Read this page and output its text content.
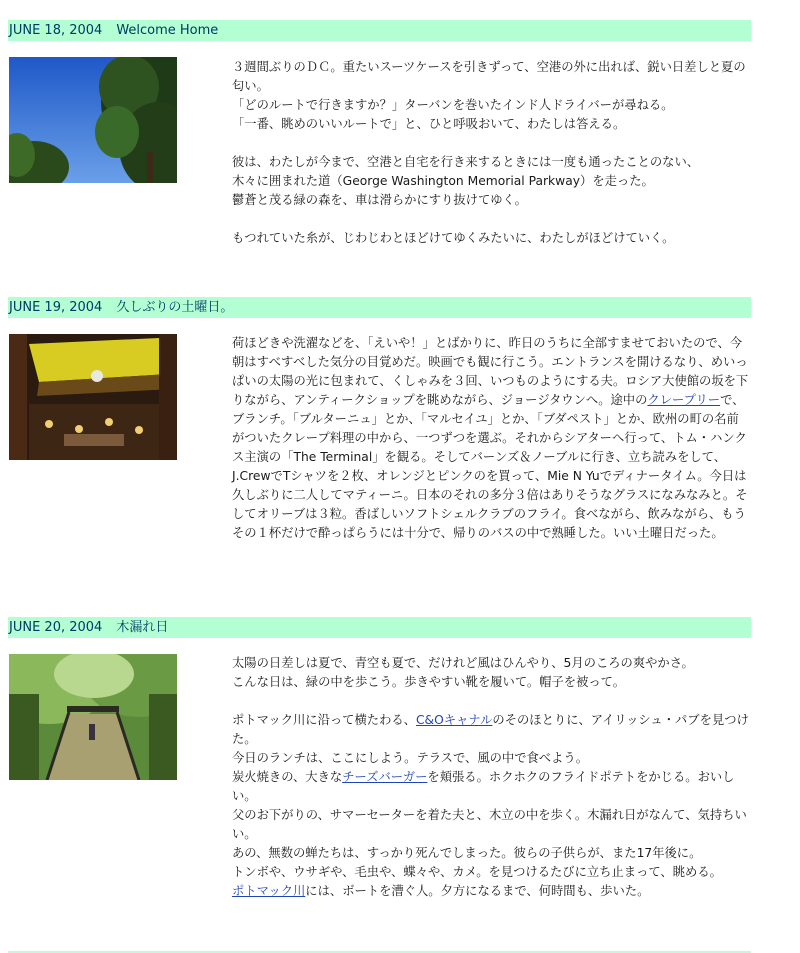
JUNE 18, 2004 Welcome Home

３週間ぶりのＤＣ。重たいスーツケースを引きずって、空港の外に出れば、鋭い日差しと夏の匂い。
「どのルートで行きますか？」ターバンを巻いたインド人ドライバーが尋ねる。
「一番、眺めのいいルートで」と、ひと呼吸おいて、わたしは答える。

彼は、わたしが今まで、空港と自宅を行き来するときには一度も通ったことのない、
木々に囲まれた道（George Washington Memorial Parkway）を走った。
鬱蒼と茂る緑の森を、車は滑らかにすり抜けてゆく。

もつれていた糸が、じわじわとほどけてゆくみたいに、わたしがほどけていく。

JUNE 19, 2004 久しぶりの土曜日。

荷ほどきや洗濯などを、「えいや！」とばかりに、昨日のうちに全部すませておいたので、今朝はすべすべした気分の目覚めだ。映画でも観に行こう。エントランスを開けるなり、めいっぱいの太陽の光に包まれて、くしゃみを３回、いつものようにする夫。ロシア大使館の坂を下りながら、アンティークショップを眺めながら、ジョージタウンへ。途中のクレープリーで、ブランチ。「ブルターニュ」とか、「マルセイユ」とか、「ブダペスト」とか、欧州の町の名前がついたクレープ料理の中から、一つずつを選ぶ。それからシアターへ行って、トム・ハンクス主演の「The Terminal」を観る。そしてバーンズ＆ノーブルに行き、立ち読みをして、J.CrewでTシャツを２枚、オレンジとピンクのを買って、Mie N Yuでディナータイム。今日は久しぶりに二人してマティーニ。日本のそれの多分３倍はありそうなグラスになみなみと。そしてオリーブは３粒。香ばしいソフトシェルクラブのフライ。食べながら、飲みながら、もうその１杯だけで酔っぱらうには十分で、帰りのバスの中で熟睡した。いい土曜日だった。

JUNE 20, 2004 木漏れ日

太陽の日差しは夏で、青空も夏で、だけれど風はひんやり、5月のころの爽やかさ。
こんな日は、緑の中を歩こう。歩きやすい靴を履いて。帽子を被って。

ポトマック川に沿って横たわる、C&Oキャナルのそのほとりに、アイリッシュ・パブを見つけた。
今日のランチは、ここにしよう。テラスで、風の中で食べよう。
炭火焼きの、大きなチーズバーガーを頬張る。ホクホクのフライドポテトをかじる。おいしい。
父のお下がりの、サマーセーターを着た夫と、木立の中を歩く。木漏れ日がなんて、気持ちいい。
あの、無数の蝉たちは、すっかり死んでしまった。彼らの子供らが、また17年後に。
トンボや、ウサギや、毛虫や、蝶々や、カメ。を見つけるたびに立ち止まって、眺める。
ポトマック川には、ボートを漕ぐ人。夕方になるまで、何時間も、歩いた。
